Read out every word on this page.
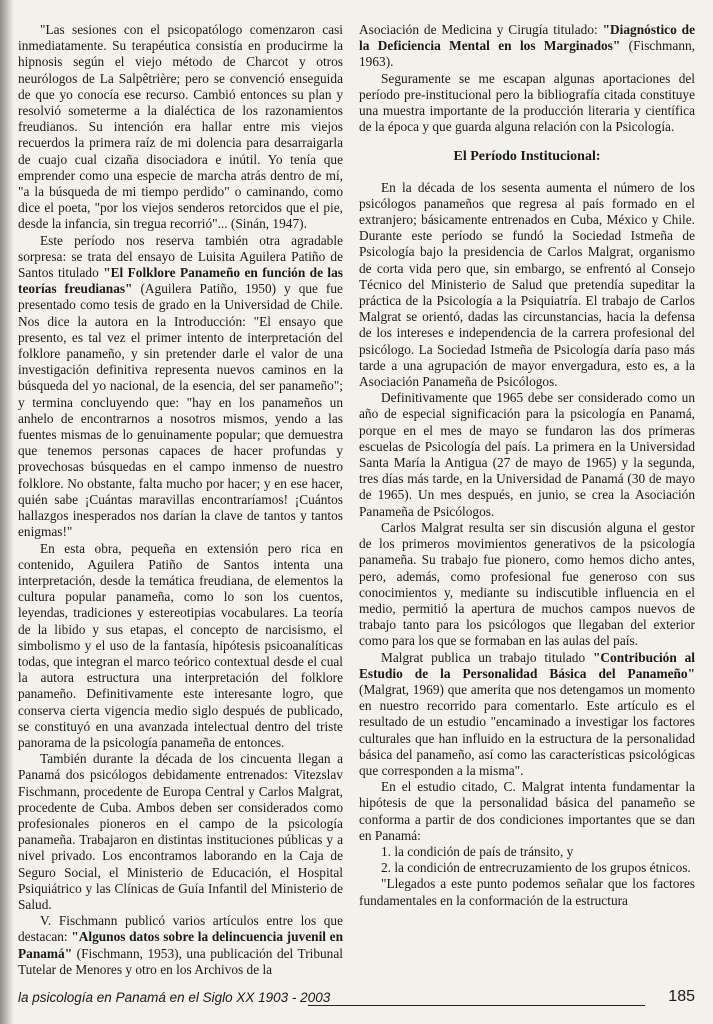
"Las sesiones con el psicopatólogo comenzaron casi inmediatamente. Su terapéutica consistía en producirme la hipnosis según el viejo método de Charcot y otros neurólogos de La Salpêtrière; pero se convenció enseguida de que yo conocía ese recurso. Cambió entonces su plan y resolvió someterme a la dialéctica de los razonamientos freudianos. Su intención era hallar entre mis viejos recuerdos la primera raíz de mi dolencia para desarraigarla de cuajo cual cizaña disociadora e inútil. Yo tenía que emprender como una especie de marcha atrás dentro de mí, "a la búsqueda de mi tiempo perdido" o caminando, como dice el poeta, "por los viejos senderos retorcidos que el pie, desde la infancia, sin tregua recorrió"... (Sinán, 1947).

Este período nos reserva también otra agradable sorpresa: se trata del ensayo de Luisita Aguilera Patiño de Santos titulado "El Folklore Panameño en función de las teorías freudianas" (Aguilera Patiño, 1950) y que fue presentado como tesis de grado en la Universidad de Chile. Nos dice la autora en la Introducción: "El ensayo que presento, es tal vez el primer intento de interpretación del folklore panameño, y sin pretender darle el valor de una investigación definitiva representa nuevos caminos en la búsqueda del yo nacional, de la esencia, del ser panameño"; y termina concluyendo que: "hay en los panameños un anhelo de encontrarnos a nosotros mismos, yendo a las fuentes mismas de lo genuinamente popular; que demuestra que tenemos personas capaces de hacer profundas y provechosas búsquedas en el campo inmenso de nuestro folklore. No obstante, falta mucho por hacer; y en ese hacer, quién sabe ¡Cuántas maravillas encontraríamos! ¡Cuántos hallazgos inesperados nos darían la clave de tantos y tantos enigmas!"

En esta obra, pequeña en extensión pero rica en contenido, Aguilera Patiño de Santos intenta una interpretación, desde la temática freudiana, de elementos la cultura popular panameña, como lo son los cuentos, leyendas, tradiciones y estereotipias vocabulares. La teoría de la libido y sus etapas, el concepto de narcisismo, el simbolismo y el uso de la fantasía, hipótesis psicoanalíticas todas, que integran el marco teórico contextual desde el cual la autora estructura una interpretación del folklore panameño. Definitivamente este interesante logro, que conserva cierta vigencia medio siglo después de publicado, se constituyó en una avanzada intelectual dentro del triste panorama de la psicología panameña de entonces.

También durante la década de los cincuenta llegan a Panamá dos psicólogos debidamente entrenados: Vitezslav Fischmann, procedente de Europa Central y Carlos Malgrat, procedente de Cuba. Ambos deben ser considerados como profesionales pioneros en el campo de la psicología panameña. Trabajaron en distintas instituciones públicas y a nivel privado. Los encontramos laborando en la Caja de Seguro Social, el Ministerio de Educación, el Hospital Psiquiátrico y las Clínicas de Guía Infantil del Ministerio de Salud.

V. Fischmann publicó varios artículos entre los que destacan: "Algunos datos sobre la delincuencia juvenil en Panamá" (Fischmann, 1953), una publicación del Tribunal Tutelar de Menores y otro en los Archivos de la

Asociación de Medicina y Cirugía titulado: "Diagnóstico de la Deficiencia Mental en los Marginados" (Fischmann, 1963).

Seguramente se me escapan algunas aportaciones del período pre-institucional pero la bibliografía citada constituye una muestra importante de la producción literaria y científica de la época y que guarda alguna relación con la Psicología.

El Período Institucional:

En la década de los sesenta aumenta el número de los psicólogos panameños que regresa al país formado en el extranjero; básicamente entrenados en Cuba, México y Chile. Durante este período se fundó la Sociedad Istmeña de Psicología bajo la presidencia de Carlos Malgrat, organismo de corta vida pero que, sin embargo, se enfrentó al Consejo Técnico del Ministerio de Salud que pretendía supeditar la práctica de la Psicología a la Psiquiatría. El trabajo de Carlos Malgrat se orientó, dadas las circunstancias, hacia la defensa de los intereses e independencia de la carrera profesional del psicólogo. La Sociedad Istmeña de Psicología daría paso más tarde a una agrupación de mayor envergadura, esto es, a la Asociación Panameña de Psicólogos.

Definitivamente que 1965 debe ser considerado como un año de especial significación para la psicología en Panamá, porque en el mes de mayo se fundaron las dos primeras escuelas de Psicología del país. La primera en la Universidad Santa María la Antigua (27 de mayo de 1965) y la segunda, tres días más tarde, en la Universidad de Panamá (30 de mayo de 1965). Un mes después, en junio, se crea la Asociación Panameña de Psicólogos.

Carlos Malgrat resulta ser sin discusión alguna el gestor de los primeros movimientos generativos de la psicología panameña. Su trabajo fue pionero, como hemos dicho antes, pero, además, como profesional fue generoso con sus conocimientos y, mediante su indiscutible influencia en el medio, permitió la apertura de muchos campos nuevos de trabajo tanto para los psicólogos que llegaban del exterior como para los que se formaban en las aulas del país.

Malgrat publica un trabajo titulado "Contribución al Estudio de la Personalidad Básica del Panameño" (Malgrat, 1969) que amerita que nos detengamos un momento en nuestro recorrido para comentarlo. Este artículo es el resultado de un estudio "encaminado a investigar los factores culturales que han influido en la estructura de la personalidad básica del panameño, así como las características psicológicas que corresponden a la misma".

En el estudio citado, C. Malgrat intenta fundamentar la hipótesis de que la personalidad básica del panameño se conforma a partir de dos condiciones importantes que se dan en Panamá:

1. la condición de país de tránsito, y

2. la condición de entrecruzamiento de los grupos étnicos.

"Llegados a este punto podemos señalar que los factores fundamentales en la conformación de la estructura

la psicología en Panamá en el Siglo XX 1903 - 2003	185
